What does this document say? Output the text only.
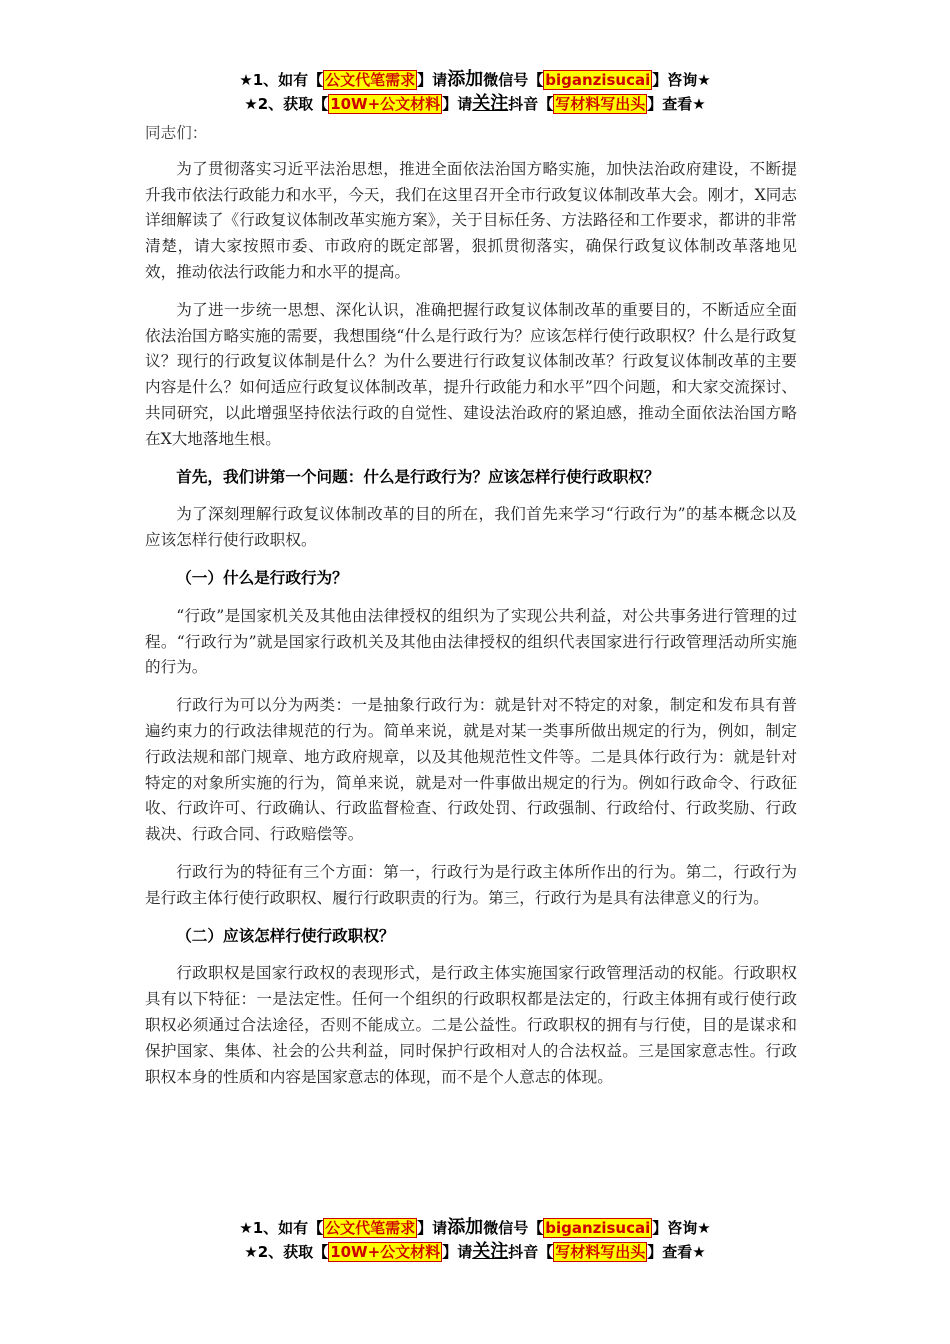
★1、如有【 公文代笔需求 】请添加微信号【 biganzisucai 】咨询★
★2、获取【 10W+公文材料 】请关注抖音【 写材料写出头 】查看★

同志们：

为了贯彻落实习近平法治思想，推进全面依法治国方略实施，加快法治政府建设，不断提升我市依法行政能力和水平，今天，我们在这里召开全市行政复议体制改革大会。刚才，X同志详细解读了《行政复议体制改革实施方案》，关于目标任务、方法路径和工作要求，都讲的非常清楚，请大家按照市委、市政府的既定部署，狠抓贯彻落实，确保行政复议体制改革落地见效，推动依法行政能力和水平的提高。

为了进一步统一思想、深化认识，准确把握行政复议体制改革的重要目的，不断适应全面依法治国方略实施的需要，我想围绕“什么是行政行为？应该怎样行使行政职权？什么是行政复议？现行的行政复议体制是什么？为什么要进行行政复议体制改革？行政复议体制改革的主要内容是什么？如何适应行政复议体制改革，提升行政能力和水平”四个问题，和大家交流探讨、共同研究，以此增强坚持依法行政的自觉性、建设法治政府的紧迫感，推动全面依法治国方略在X大地落地生根。

首先，我们讲第一个问题：什么是行政行为？应该怎样行使行政职权？

为了深刻理解行政复议体制改革的目的所在，我们首先来学习“行政行为”的基本概念以及应该怎样行使行政职权。

（一）什么是行政行为？

“行政”是国家机关及其他由法律授权的组织为了实现公共利益，对公共事务进行管理的过程。“行政行为”就是国家行政机关及其他由法律授权的组织代表国家进行行政管理活动所实施的行为。

行政行为可以分为两类：一是抽象行政行为：就是针对不特定的对象，制定和发布具有普遍约束力的行政法律规范的行为。简单来说，就是对某一类事所做出规定的行为，例如，制定行政法规和部门规章、地方政府规章，以及其他规范性文件等。二是具体行政行为：就是针对特定的对象所实施的行为，简单来说，就是对一件事做出规定的行为。例如行政命令、行政征收、行政许可、行政确认、行政监督检查、行政处罚、行政强制、行政给付、行政奖励、行政裁决、行政合同、行政赔偿等。

行政行为的特征有三个方面：第一，行政行为是行政主体所作出的行为。第二，行政行为是行政主体行使行政职权、履行行政职责的行为。第三，行政行为是具有法律意义的行为。

（二）应该怎样行使行政职权？

行政职权是国家行政权的表现形式，是行政主体实施国家行政管理活动的权能。行政职权具有以下特征：一是法定性。任何一个组织的行政职权都是法定的，行政主体拥有或行使行政职权必须通过合法途径，否则不能成立。二是公益性。行政职权的拥有与行使，目的是谋求和保护国家、集体、社会的公共利益，同时保护行政相对人的合法权益。三是国家意志性。行政职权本身的性质和内容是国家意志的体现，而不是个人意志的体现。

★1、如有【 公文代笔需求 】请添加微信号【 biganzisucai 】咨询★
★2、获取【 10W+公文材料 】请关注抖音【 写材料写出头 】查看★
